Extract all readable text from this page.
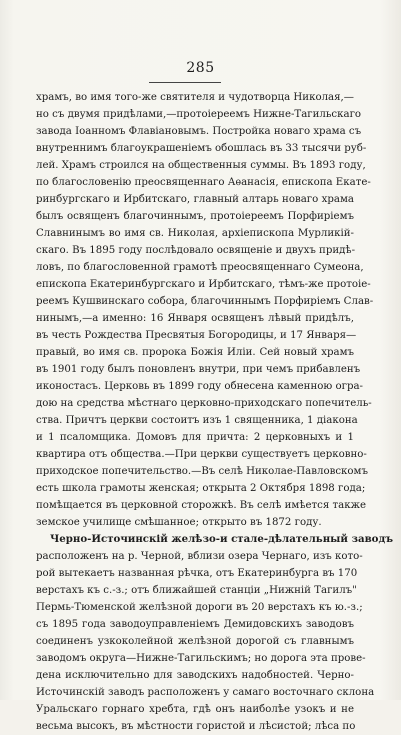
285
храмъ, во имя того-же святителя и чудотворца Николая,—
но съ двумя придѣлами,—протоіереемъ Нижне-Тагильскаго
завода Іоанномъ Флавіановымъ. Постройка новаго храма съ
внутреннимъ благоукрашеніемъ обошлась въ 33 тысячи руб-
лей. Храмъ строился на общественныя суммы. Въ 1893 году,
по благословенію преосвященнаго Аѳанасія, епископа Екате-
ринбургскаго и Ирбитскаго, главный алтарь новаго храма
былъ освященъ благочиннымъ, протоіереемъ Порфиріемъ
Славнинымъ во имя св. Николая, архіепископа Мурликій-
скаго. Въ 1895 году послѣдовало освященіе и двухъ придѣ-
ловъ, по благословенной грамотѣ преосвященнаго Сумеона,
епископа Екатеринбургскаго и Ирбитскаго, тѣмъ-же протоіе-
реемъ Кушвинскаго собора, благочиннымъ Порфиріемъ Слав-
нинымъ,—а именно: 16 Января освященъ лѣвый придѣлъ,
въ честь Рождества Пресвятыя Богородицы, и 17 Января—
правый, во имя св. пророка Божія Иліи. Сей новый храмъ
въ 1901 году былъ поновленъ внутри, при чемъ прибавленъ
иконостасъ. Церковь въ 1899 году обнесена каменною огра-
дою на средства мѣстнаго церковно-приходскаго попечитель-
ства. Причтъ церкви состоитъ изъ 1 священника, 1 діакона
и 1 псаломщика. Домовъ для причта: 2 церковныхъ и 1
квартира отъ общества.—При церкви существуетъ церковно-
приходское попечительство.—Въ селѣ Николае-Павловскомъ
есть школа грамоты женская; открыта 2 Октября 1898 года;
помѣщается въ церковной сторожкѣ. Въ селѣ имѣется также
земское училище смѣшанное; открыто въ 1872 году.
Черно-Источинскій желѣзо-и стале-дѣлательный заводъ
расположенъ на р. Черной, вблизи озера Чернаго, изъ кото-
рой вытекаетъ названная рѣчка, отъ Екатеринбурга въ 170
верстахъ къ с.-з.; отъ ближайшей станціи „Нижній Тагилъ"
Пермь-Тюменской желѣзной дороги въ 20 верстахъ къ ю.-з.;
съ 1895 года заводоуправленіемъ Демидовскихъ заводовъ
соединенъ узкоколейной желѣзной дорогой съ главнымъ
заводомъ округа—Нижне-Тагильскимъ; но дорога эта прове-
дена исключительно для заводскихъ надобностей. Черно-
Источинскій заводъ расположенъ у самаго восточнаго склона
Уральскаго горнаго хребта, гдѣ онъ наиболѣе узокъ и не
весьма высокъ, въ мѣстности гористой и лѣсистой; лѣса по
